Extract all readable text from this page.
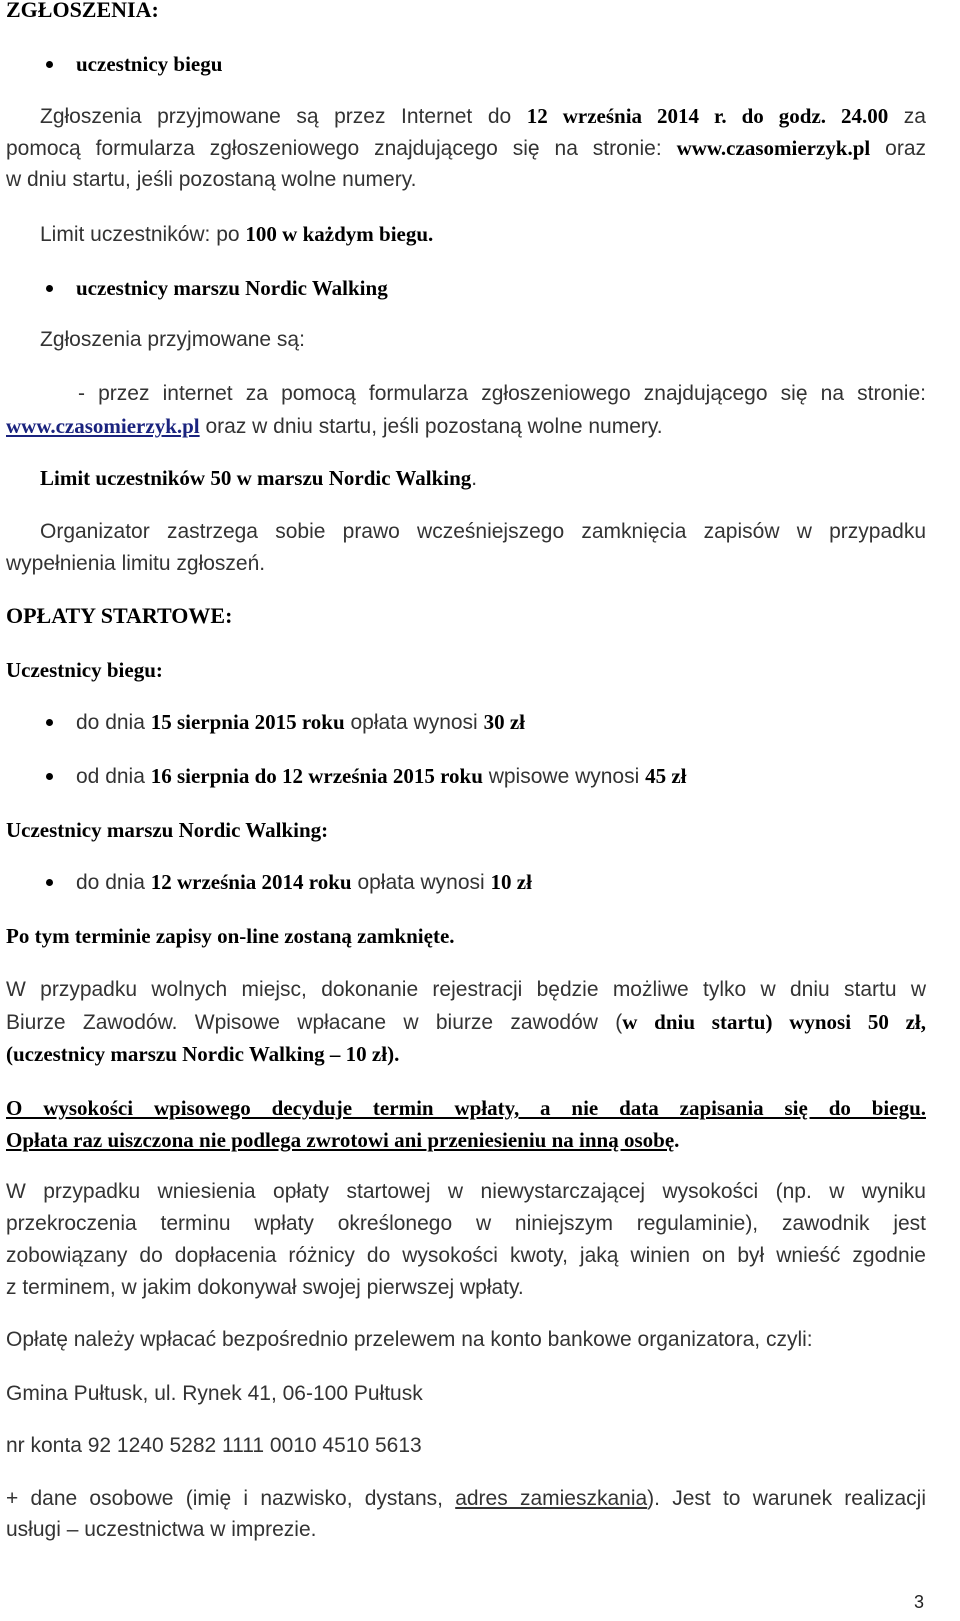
ZGŁOSZENIA:
uczestnicy biegu
Zgłoszenia przyjmowane są przez Internet do 12 września 2014 r. do godz. 24.00 za
pomocą formularza zgłoszeniowego znajdującego się na stronie: www.czasomierzyk.pl oraz
w dniu startu, jeśli pozostaną wolne numery.
Limit uczestników: po 100 w każdym biegu.
uczestnicy marszu Nordic Walking
Zgłoszenia przyjmowane są:
- przez internet za pomocą formularza zgłoszeniowego znajdującego się na stronie:
www.czasomierzyk.pl oraz w dniu startu, jeśli pozostaną wolne numery.
Limit uczestników 50 w marszu Nordic Walking.
Organizator zastrzega sobie prawo wcześniejszego zamknięcia zapisów w przypadku
wypełnienia limitu zgłoszeń.
OPŁATY STARTOWE:
Uczestnicy biegu:
do dnia 15 sierpnia 2015 roku opłata wynosi 30 zł
od dnia 16 sierpnia do 12 września 2015 roku wpisowe wynosi 45 zł
Uczestnicy marszu Nordic Walking:
do dnia 12 września 2014 roku opłata wynosi 10 zł
Po tym terminie zapisy on-line zostaną zamknięte.
W przypadku wolnych miejsc, dokonanie rejestracji będzie możliwe tylko w dniu startu w
Biurze Zawodów. Wpisowe wpłacane w biurze zawodów (w dniu startu) wynosi 50 zł,
(uczestnicy marszu Nordic Walking – 10 zł).
O wysokości wpisowego decyduje termin wpłaty, a nie data zapisania się do biegu.
Opłata raz uiszczona nie podlega zwrotowi ani przeniesieniu na inną osobę.
W przypadku wniesienia opłaty startowej w niewystarczającej wysokości (np. w wyniku
przekroczenia terminu wpłaty określonego w niniejszym regulaminie), zawodnik jest
zobowiązany do dopłacenia różnicy do wysokości kwoty, jaką winien on był wnieść zgodnie
z terminem, w jakim dokonywał swojej pierwszej wpłaty.
Opłatę należy wpłacać bezpośrednio przelewem na konto bankowe organizatora, czyli:
Gmina Pułtusk, ul. Rynek 41, 06-100 Pułtusk
nr konta 92 1240 5282 1111 0010 4510 5613
+ dane osobowe (imię i nazwisko, dystans, adres zamieszkania). Jest to warunek realizacji
usługi – uczestnictwa w imprezie.
3
